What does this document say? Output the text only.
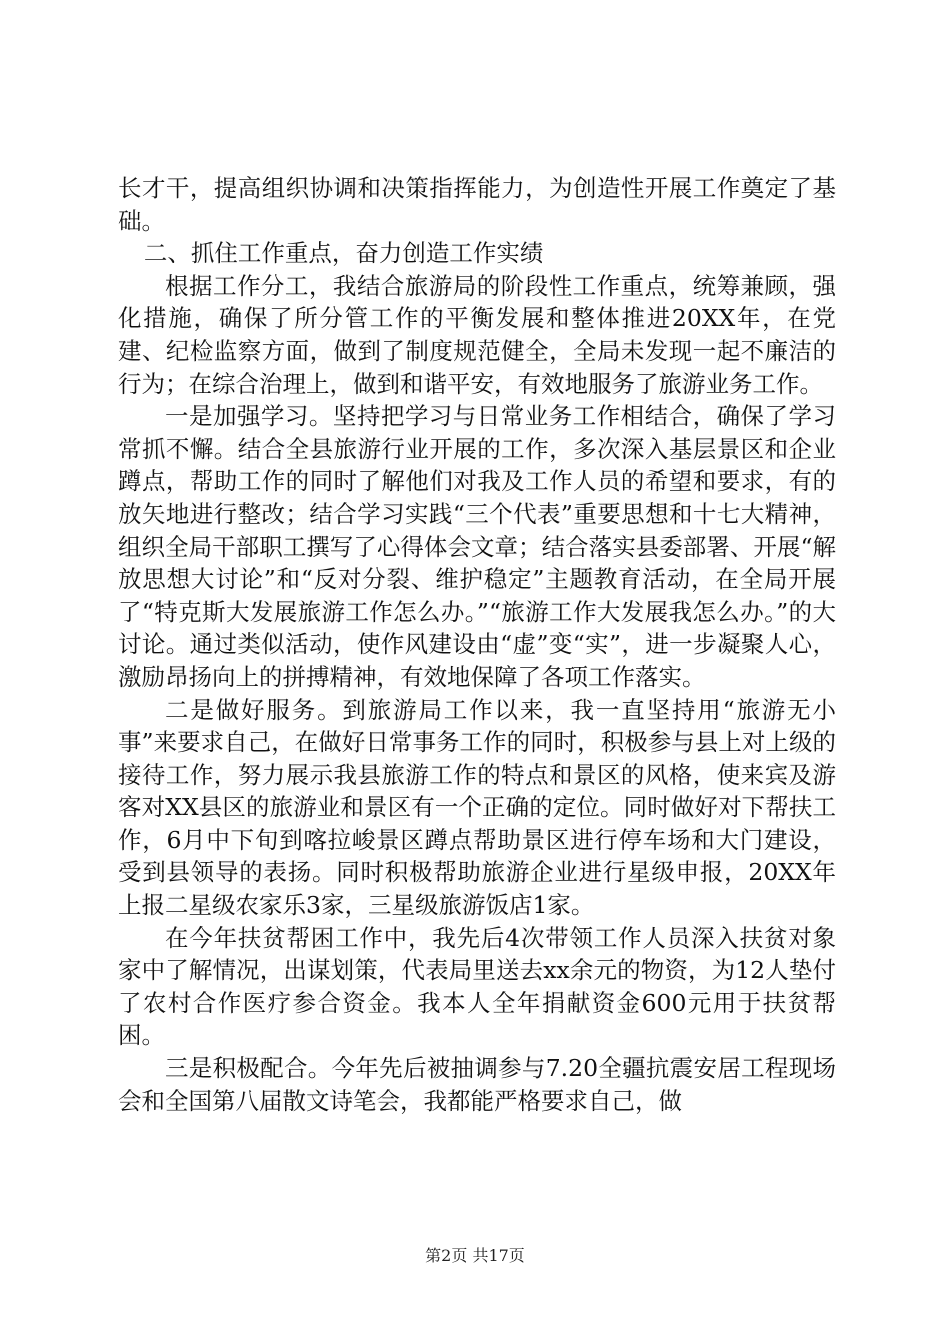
长才干，提高组织协调和决策指挥能力，为创造性开展工作奠定了基础。

二、抓住工作重点，奋力创造工作实绩

根据工作分工，我结合旅游局的阶段性工作重点，统筹兼顾，强化措施，确保了所分管工作的平衡发展和整体推进20XX年，在党建、纪检监察方面，做到了制度规范健全，全局未发现一起不廉洁的行为；在综合治理上，做到和谐平安，有效地服务了旅游业务工作。

一是加强学习。坚持把学习与日常业务工作相结合，确保了学习常抓不懈。结合全县旅游行业开展的工作，多次深入基层景区和企业蹲点，帮助工作的同时了解他们对我及工作人员的希望和要求，有的放矢地进行整改；结合学习实践“三个代表”重要思想和十七大精神，组织全局干部职工撰写了心得体会文章；结合落实县委部署、开展“解放思想大讨论”和“反对分裂、维护稳定”主题教育活动，在全局开展了“特克斯大发展旅游工作怎么办。”“旅游工作大发展我怎么办。”的大讨论。通过类似活动，使作风建设由“虚”变“实”，进一步凝聚人心，激励昂扬向上的拼搏精神，有效地保障了各项工作落实。

二是做好服务。到旅游局工作以来，我一直坚持用“旅游无小事”来要求自己，在做好日常事务工作的同时，积极参与县上对上级的接待工作，努力展示我县旅游工作的特点和景区的风格，使来宾及游客对XX县区的旅游业和景区有一个正确的定位。同时做好对下帮扶工作，6月中下旬到喀拉峻景区蹲点帮助景区进行停车场和大门建设，受到县领导的表扬。同时积极帮助旅游企业进行星级申报，20XX年上报二星级农家乐3家，三星级旅游饭店1家。

在今年扶贫帮困工作中，我先后4次带领工作人员深入扶贫对象家中了解情况，出谋划策，代表局里送去xx余元的物资，为12人垫付了农村合作医疗参合资金。我本人全年捐献资金600元用于扶贫帮困。

三是积极配合。今年先后被抽调参与7.20全疆抗震安居工程现场会和全国第八届散文诗笔会，我都能严格要求自己，做

第2页 共17页
